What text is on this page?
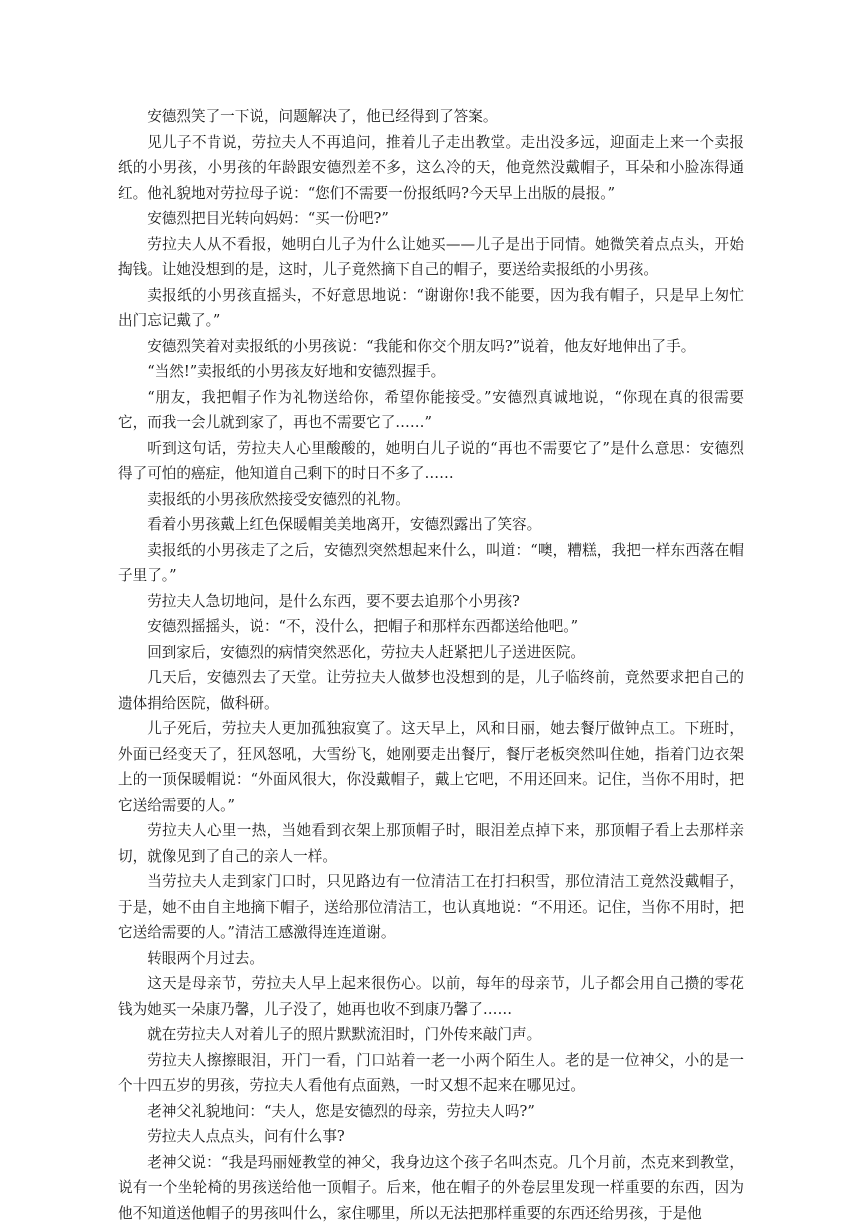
安德烈笑了一下说，问题解决了，他已经得到了答案。

见儿子不肯说，劳拉夫人不再追问，推着儿子走出教堂。走出没多远，迎面走上来一个卖报纸的小男孩，小男孩的年龄跟安德烈差不多，这么冷的天，他竟然没戴帽子，耳朵和小脸冻得通红。他礼貌地对劳拉母子说：“您们不需要一份报纸吗?今天早上出版的晨报。”

安德烈把目光转向妈妈：“买一份吧?”

劳拉夫人从不看报，她明白儿子为什么让她买——儿子是出于同情。她微笑着点点头，开始掏钱。让她没想到的是，这时，儿子竟然摘下自己的帽子，要送给卖报纸的小男孩。

卖报纸的小男孩直摇头，不好意思地说：“谢谢你!我不能要，因为我有帽子，只是早上匆忙出门忘记戴了。”

安德烈笑着对卖报纸的小男孩说：“我能和你交个朋友吗?”说着，他友好地伸出了手。

“当然!”卖报纸的小男孩友好地和安德烈握手。

“朋友，我把帽子作为礼物送给你，希望你能接受。”安德烈真诚地说，“你现在真的很需要它，而我一会儿就到家了，再也不需要它了……”

听到这句话，劳拉夫人心里酸酸的，她明白儿子说的“再也不需要它了”是什么意思：安德烈得了可怕的癌症，他知道自己剩下的时日不多了……

卖报纸的小男孩欣然接受安德烈的礼物。

看着小男孩戴上红色保暖帽美美地离开，安德烈露出了笑容。

卖报纸的小男孩走了之后，安德烈突然想起来什么，叫道：“噢，糟糕，我把一样东西落在帽子里了。”

劳拉夫人急切地问，是什么东西，要不要去追那个小男孩?

安德烈摇摇头，说：“不，没什么，把帽子和那样东西都送给他吧。”

回到家后，安德烈的病情突然恶化，劳拉夫人赶紧把儿子送进医院。

几天后，安德烈去了天堂。让劳拉夫人做梦也没想到的是，儿子临终前，竟然要求把自己的遗体捐给医院，做科研。

儿子死后，劳拉夫人更加孤独寂寞了。这天早上，风和日丽，她去餐厅做钟点工。下班时，外面已经变天了，狂风怒吼，大雪纷飞，她刚要走出餐厅，餐厅老板突然叫住她，指着门边衣架上的一顶保暖帽说：“外面风很大，你没戴帽子，戴上它吧，不用还回来。记住，当你不用时，把它送给需要的人。”

劳拉夫人心里一热，当她看到衣架上那顶帽子时，眼泪差点掉下来，那顶帽子看上去那样亲切，就像见到了自己的亲人一样。

当劳拉夫人走到家门口时，只见路边有一位清洁工在打扫积雪，那位清洁工竟然没戴帽子，于是，她不由自主地摘下帽子，送给那位清洁工，也认真地说：“不用还。记住，当你不用时，把它送给需要的人。”清洁工感激得连连道谢。

转眼两个月过去。

这天是母亲节，劳拉夫人早上起来很伤心。以前，每年的母亲节，儿子都会用自己攒的零花钱为她买一朵康乃馨，儿子没了，她再也收不到康乃馨了……

就在劳拉夫人对着儿子的照片默默流泪时，门外传来敲门声。

劳拉夫人擦擦眼泪，开门一看，门口站着一老一小两个陌生人。老的是一位神父，小的是一个十四五岁的男孩，劳拉夫人看他有点面熟，一时又想不起来在哪见过。

老神父礼貌地问：“夫人，您是安德烈的母亲，劳拉夫人吗?”

劳拉夫人点点头，问有什么事?

老神父说：“我是玛丽娅教堂的神父，我身边这个孩子名叫杰克。几个月前，杰克来到教堂，说有一个坐轮椅的男孩送给他一顶帽子。后来，他在帽子的外卷层里发现一样重要的东西，因为他不知道送他帽子的男孩叫什么，家住哪里，所以无法把那样重要的东西还给男孩，于是他
